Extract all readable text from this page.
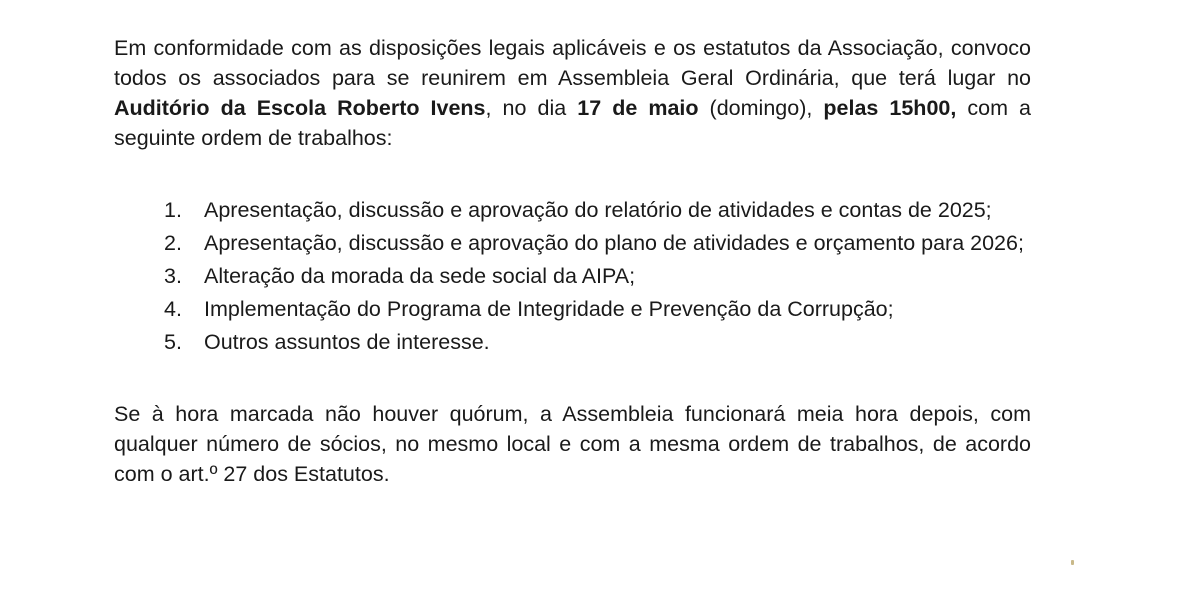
Em conformidade com as disposições legais aplicáveis e os estatutos da Associação, convoco todos os associados para se reunirem em Assembleia Geral Ordinária, que terá lugar no Auditório da Escola Roberto Ivens, no dia 17 de maio (domingo), pelas 15h00, com a seguinte ordem de trabalhos:

1.	Apresentação, discussão e aprovação do relatório de atividades e contas de 2025;
2.	Apresentação, discussão e aprovação do plano de atividades e orçamento para 2026;
3.	Alteração da morada da sede social da AIPA;
4.	Implementação do Programa de Integridade e Prevenção da Corrupção;
5.	Outros assuntos de interesse.

Se à hora marcada não houver quórum, a Assembleia funcionará meia hora depois, com qualquer número de sócios, no mesmo local e com a mesma ordem de trabalhos, de acordo com o art.º 27 dos Estatutos.
